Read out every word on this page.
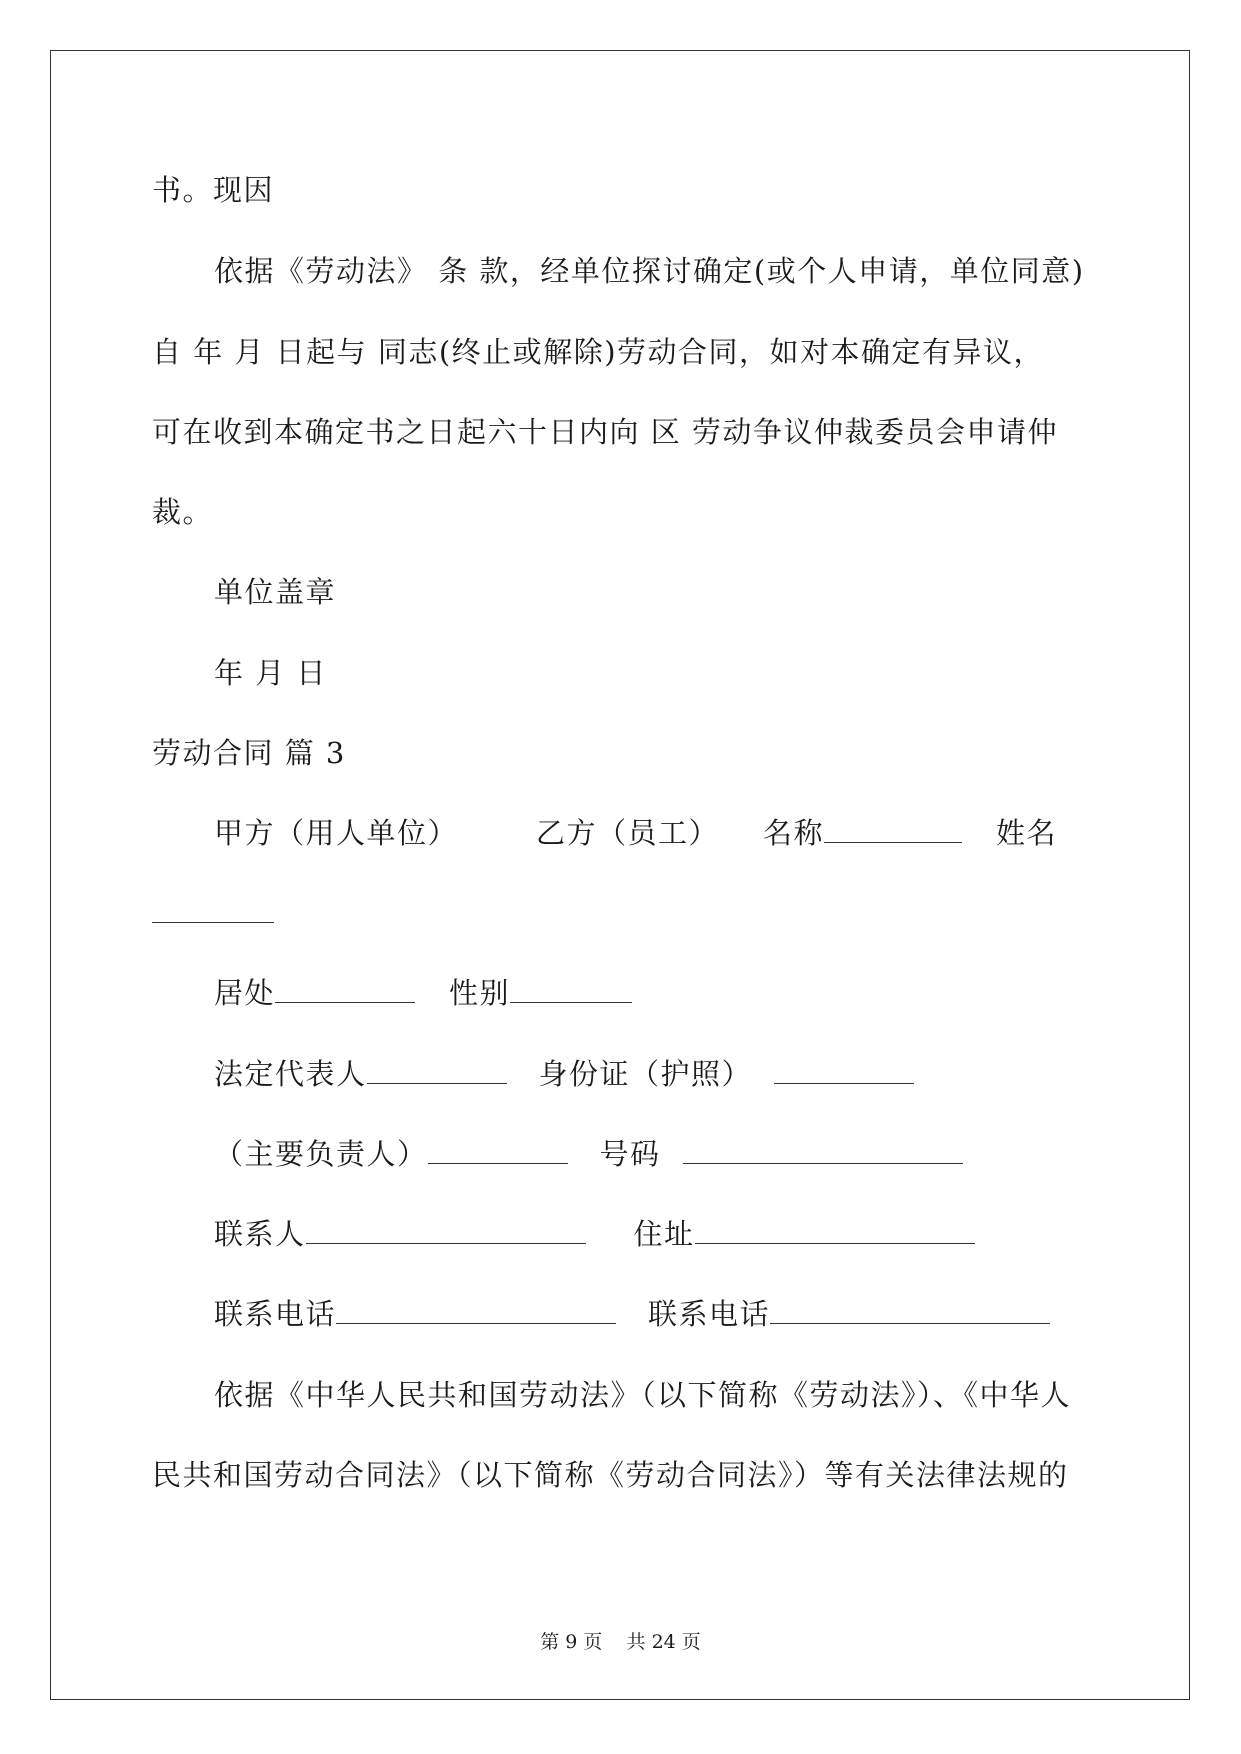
书。现因
依据《劳动法》 条 款，经单位探讨确定(或个人申请，单位同意)
自 年 月 日起与 同志(终止或解除)劳动合同，如对本确定有异议，
可在收到本确定书之日起六十日内向 区 劳动争议仲裁委员会申请仲
裁。
单位盖章
年 月 日
劳动合同 篇 3
甲方（用人单位）	乙方（员工） 名称	姓名
居处	性别
法定代表人	身份证（护照）
（主要负责人）	号码
联系人	住址
联系电话	联系电话
依据《中华人民共和国劳动法》（以下简称《劳动法》）、《中华人
民共和国劳动合同法》（以下简称《劳动合同法》）等有关法律法规的
第 9 页    共 24 页
